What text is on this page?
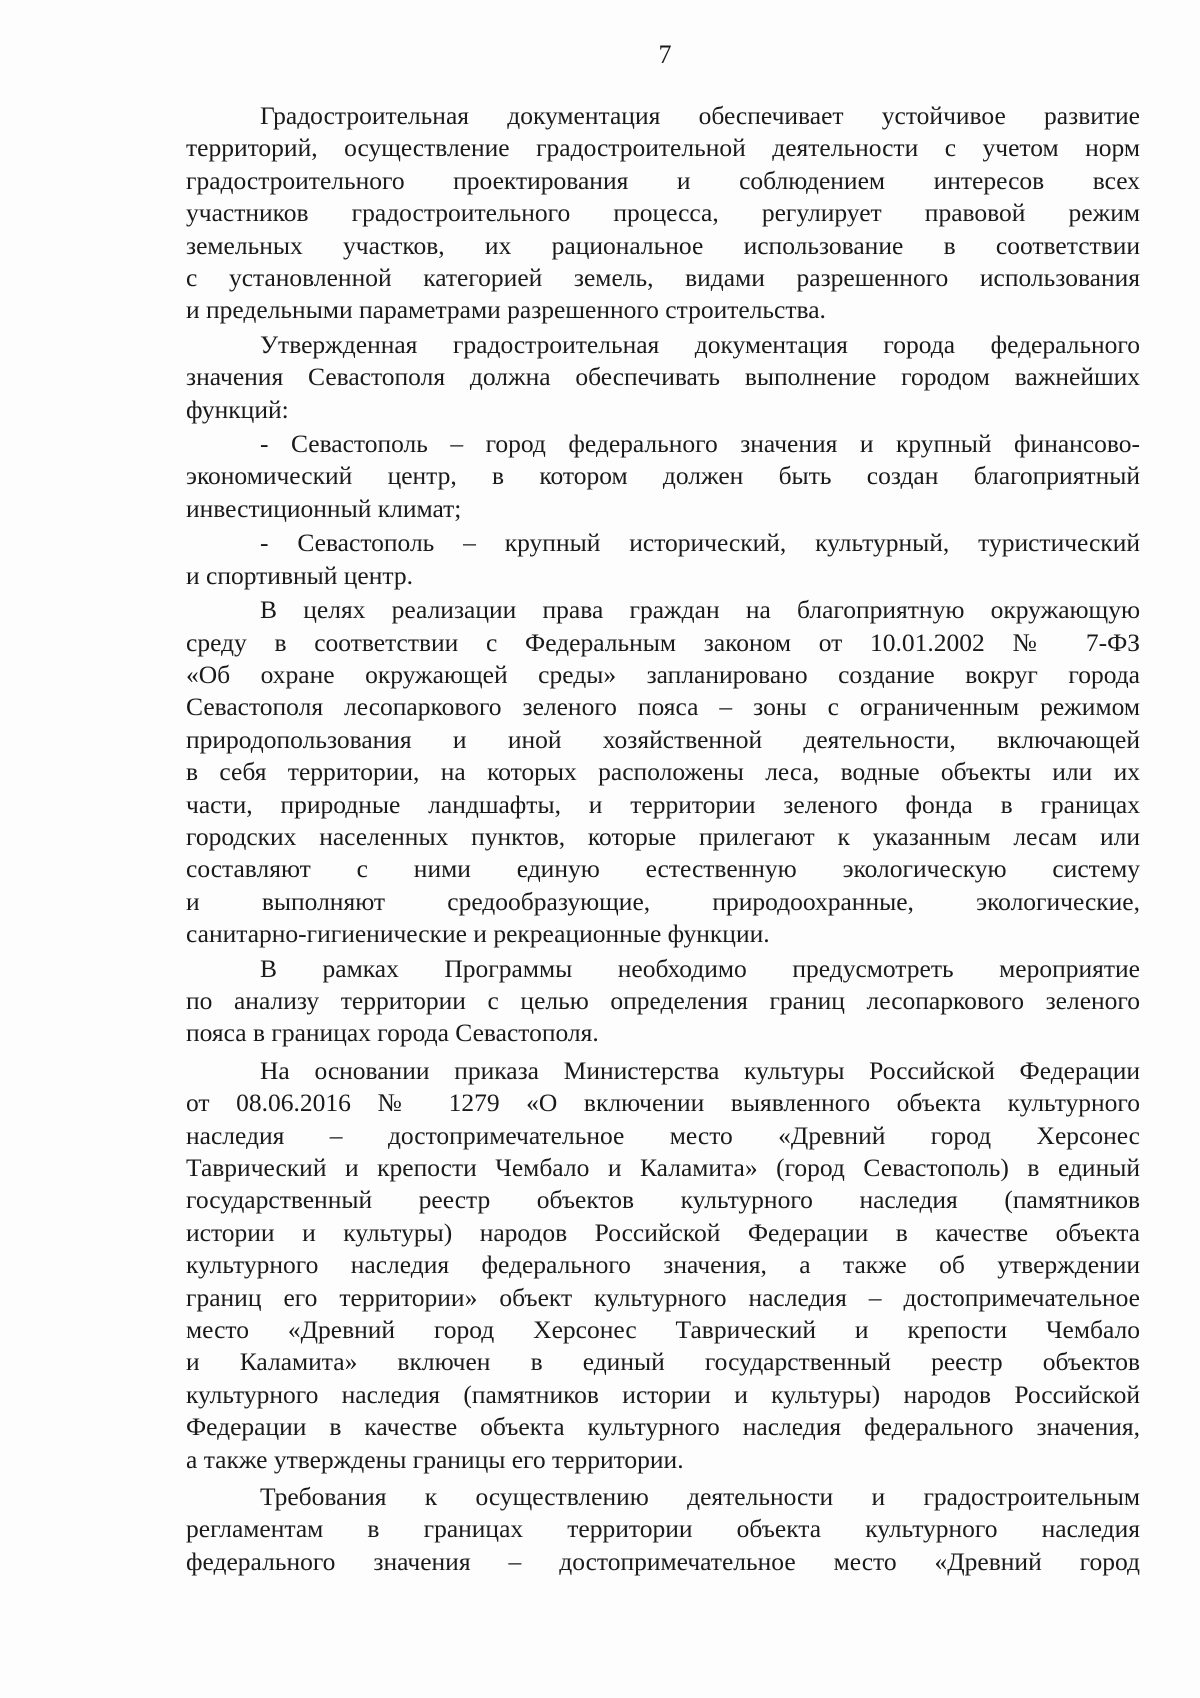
7

Градостроительная документация обеспечивает устойчивое развитие
территорий, осуществление градостроительной деятельности с учетом норм
градостроительного проектирования и соблюдением интересов всех
участников градостроительного процесса, регулирует правовой режим
земельных участков, их рациональное использование в соответствии
с установленной категорией земель, видами разрешенного использования
и предельными параметрами разрешенного строительства.

Утвержденная градостроительная документация города федерального
значения Севастополя должна обеспечивать выполнение городом важнейших
функций:

- Севастополь – город федерального значения и крупный финансово-
экономический центр, в котором должен быть создан благоприятный
инвестиционный климат;

- Севастополь – крупный исторический, культурный, туристический
и спортивный центр.

В целях реализации права граждан на благоприятную окружающую
среду в соответствии с Федеральным законом от 10.01.2002 № 7-ФЗ
«Об охране окружающей среды» запланировано создание вокруг города
Севастополя лесопаркового зеленого пояса – зоны с ограниченным режимом
природопользования и иной хозяйственной деятельности, включающей
в себя территории, на которых расположены леса, водные объекты или их
части, природные ландшафты, и территории зеленого фонда в границах
городских населенных пунктов, которые прилегают к указанным лесам или
составляют с ними единую естественную экологическую систему
и выполняют средообразующие, природоохранные, экологические,
санитарно-гигиенические и рекреационные функции.

В рамках Программы необходимо предусмотреть мероприятие
по анализу территории с целью определения границ лесопаркового зеленого
пояса в границах города Севастополя.

На основании приказа Министерства культуры Российской Федерации
от 08.06.2016 № 1279 «О включении выявленного объекта культурного
наследия – достопримечательное место «Древний город Херсонес
Таврический и крепости Чембало и Каламита» (город Севастополь) в единый
государственный реестр объектов культурного наследия (памятников
истории и культуры) народов Российской Федерации в качестве объекта
культурного наследия федерального значения, а также об утверждении
границ его территории» объект культурного наследия – достопримечательное
место «Древний город Херсонес Таврический и крепости Чембало
и Каламита» включен в единый государственный реестр объектов
культурного наследия (памятников истории и культуры) народов Российской
Федерации в качестве объекта культурного наследия федерального значения,
а также утверждены границы его территории.

Требования к осуществлению деятельности и градостроительным
регламентам в границах территории объекта культурного наследия
федерального значения – достопримечательное место «Древний город
